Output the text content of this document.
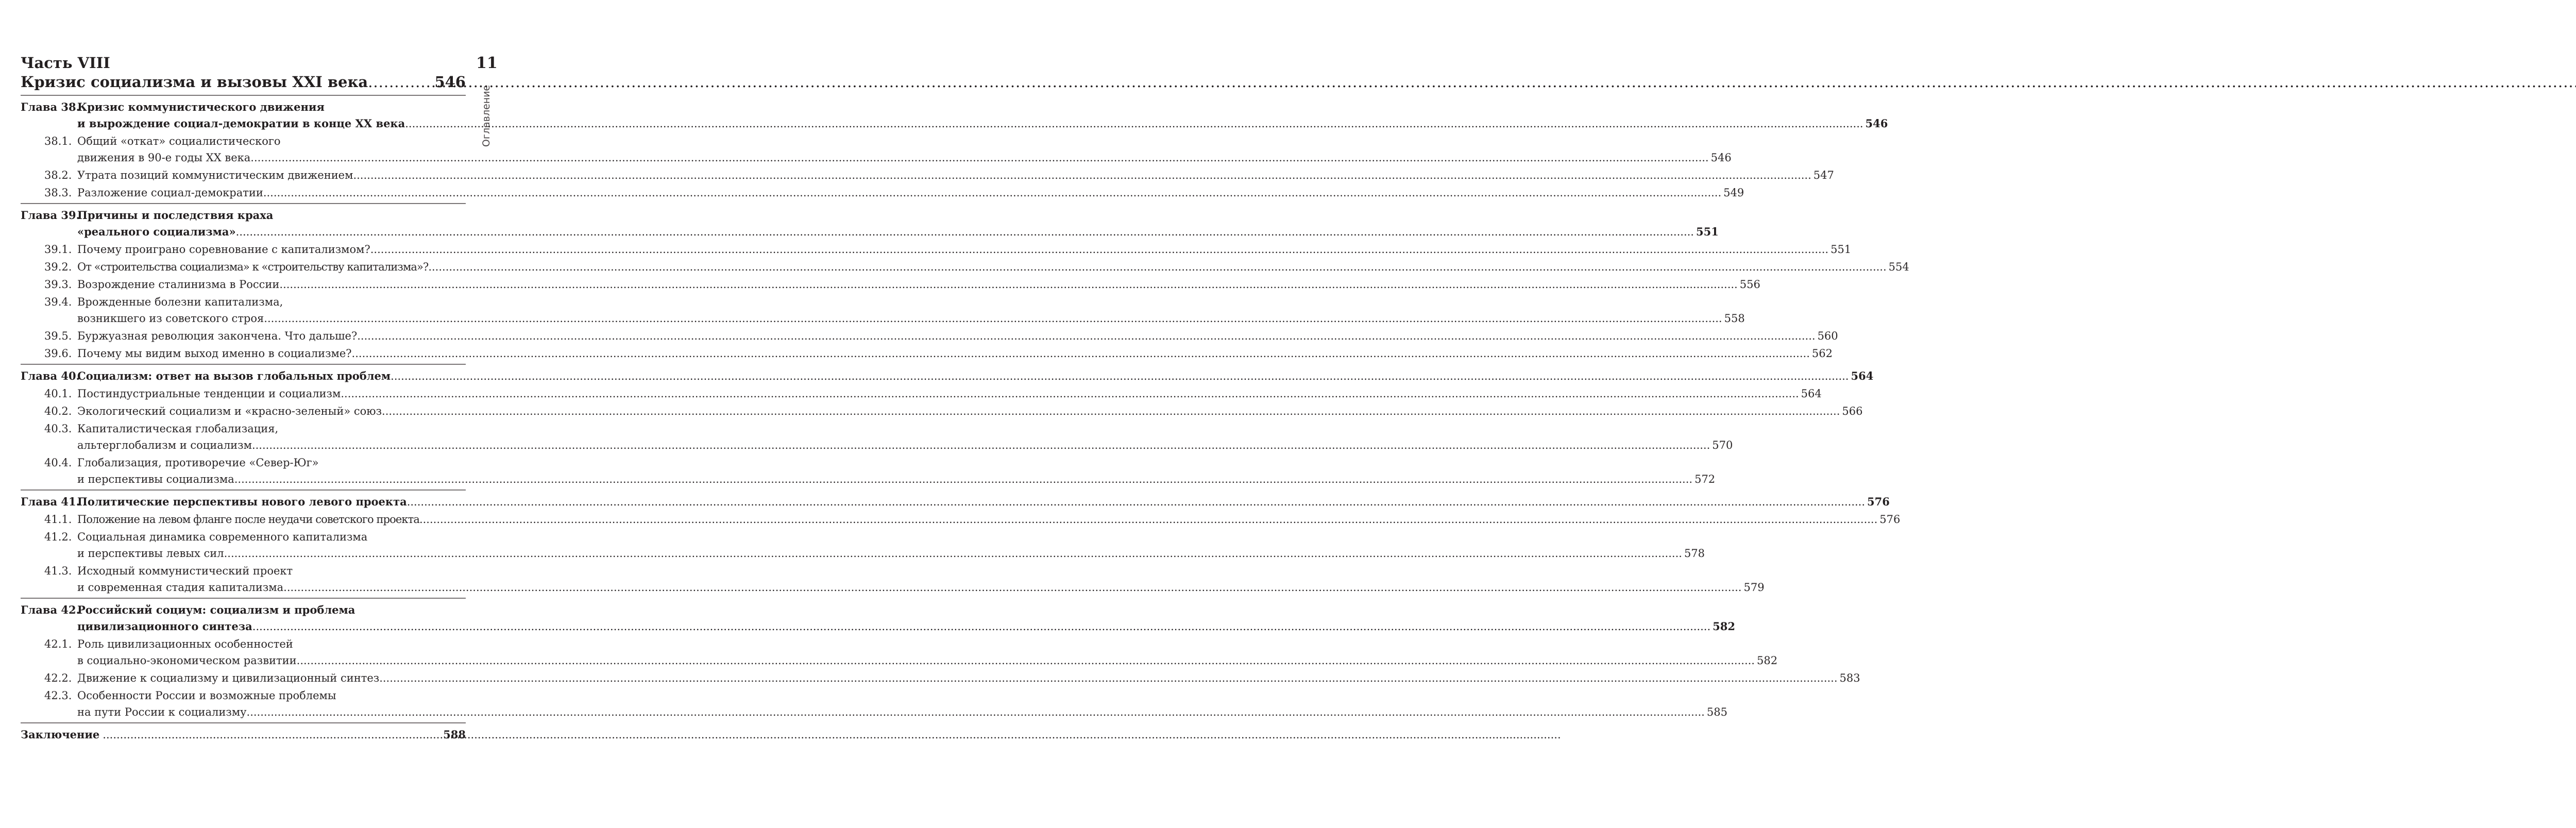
11
Оглавление
Часть VIII
Кризис социализма и вызовы XXI века .....	546
Глава 38.
Кризис коммунистического движения
и вырождение социал-демократии в конце XX века .....	546
38.1. Общий «откат» социалистического
движения в 90-е годы XX века .....	546
38.2. Утрата позиций коммунистическим движением .....	547
38.3. Разложение социал-демократии .....	549
Глава 39.
Причины и последствия краха
«реального социализма» .....	551
39.1. Почему проиграно соревнование с капитализмом? .....	551
39.2. От «строительства социализма» к «строительству капитализма»? .....	554
39.3. Возрождение сталинизма в России .....	556
39.4. Врожденные болезни капитализма,
возникшего из советского строя .....	558
39.5. Буржуазная революция закончена. Что дальше? .....	560
39.6. Почему мы видим выход именно в социализме? .....	562
Глава 40.
Социализм: ответ на вызов глобальных проблем .....	564
40.1. Постиндустриальные тенденции и социализм .....	564
40.2. Экологический социализм и «красно-зеленый» союз .....	566
40.3. Капиталистическая глобализация,
альтерглобализм и социализм .....	570
40.4. Глобализация, противоречие «Север-Юг»
и перспективы социализма .....	572
Глава 41.
Политические перспективы нового левого проекта .....	576
41.1. Положение на левом фланге после неудачи советского проекта .....	576
41.2. Социальная динамика современного капитализма
и перспективы левых сил .....	578
41.3. Исходный коммунистический проект
и современная стадия капитализма .....	579
Глава 42.
Российский социум: социализм и проблема
цивилизационного синтеза .....	582
42.1. Роль цивилизационных особенностей
в социально-экономическом развитии .....	582
42.2. Движение к социализму и цивилизационный синтез .....	583
42.3. Особенности России и возможные проблемы
на пути России к социализму .....	585
Заключение .....	588
